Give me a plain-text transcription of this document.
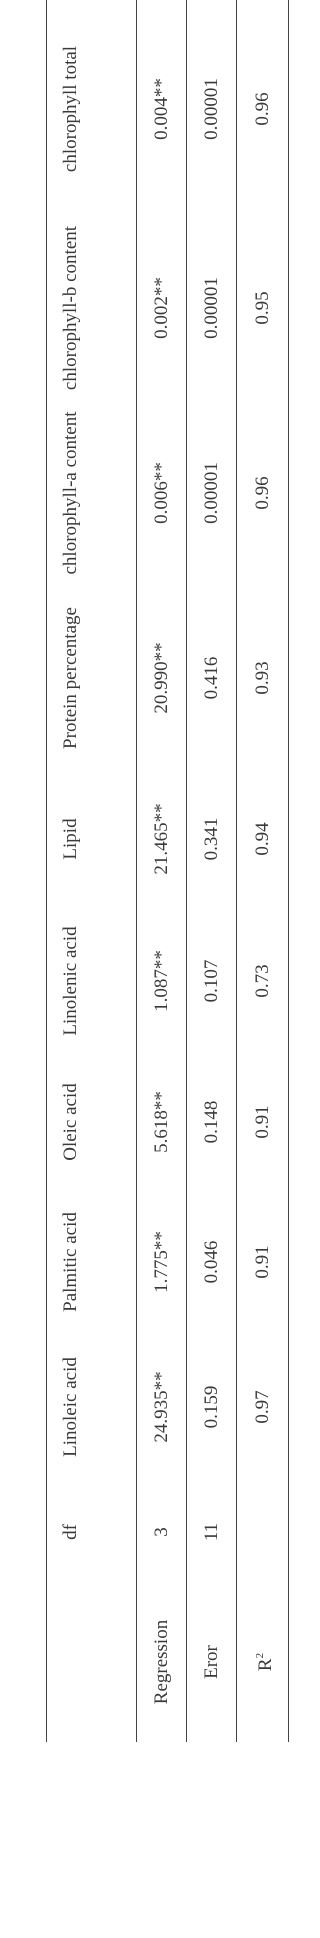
	df	Linoleic acid	Palmitic acid	Oleic acid	Linolenic acid	Lipid	Protein percentage	chlorophyll-a content	chlorophyll-b content	chlorophyll total
Regression	3	24.935**	1.775**	5.618**	1.087**	21.465**	20.990**	0.006**	0.002**	0.004**
Eror	11	0.159	0.046	0.148	0.107	0.341	0.416	0.00001	0.00001	0.00001
$R^2$		0.97	0.91	0.91	0.73	0.94	0.93	0.96	0.95	0.96
